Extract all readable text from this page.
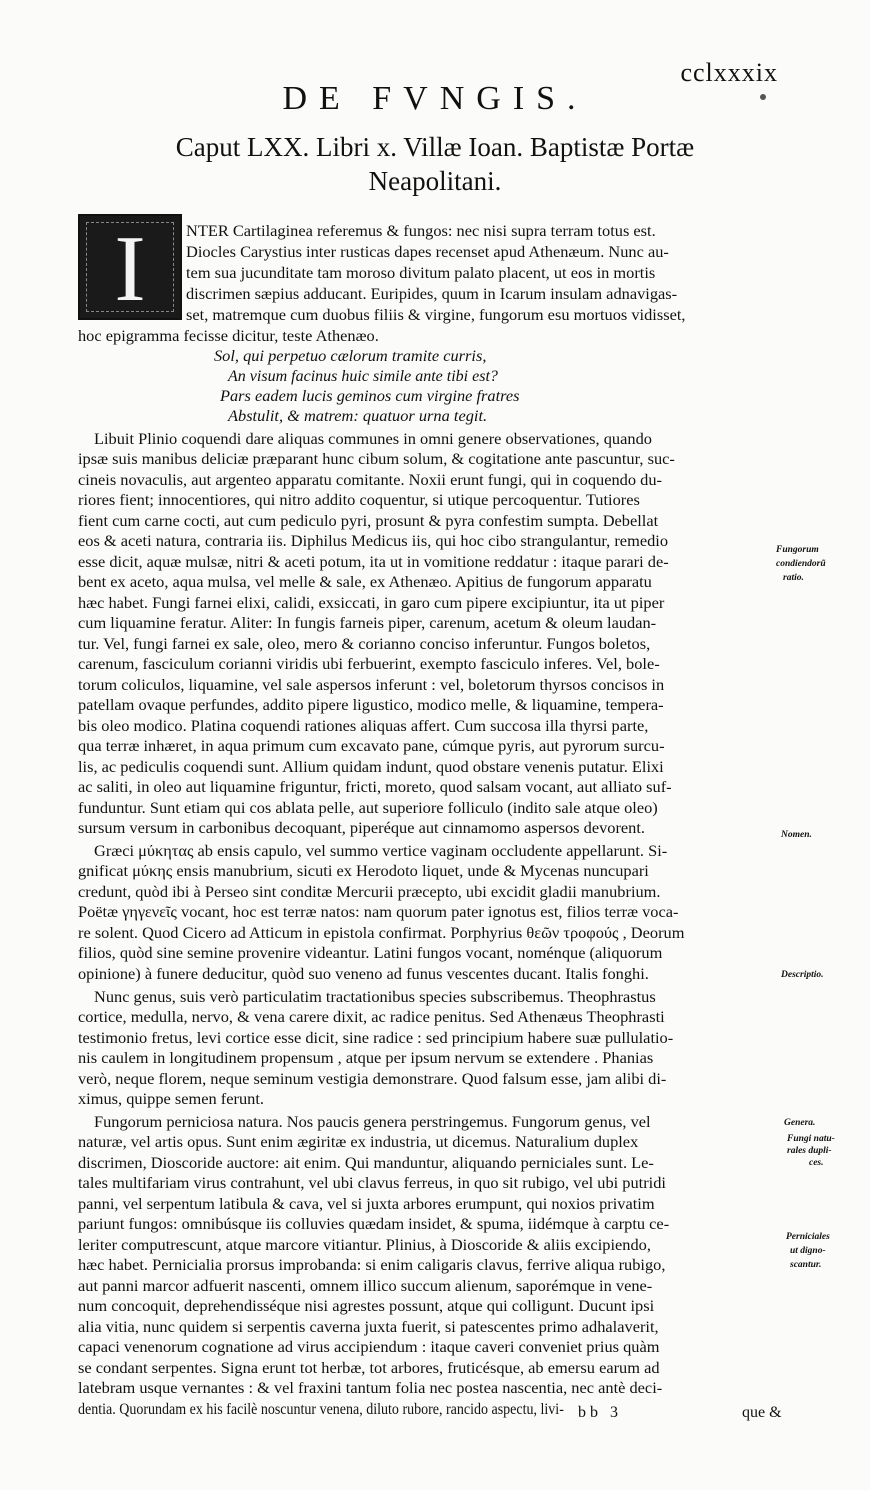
cclxxxix
DE FVNGIS.
Caput LXX. Libri x. Villæ Ioan. Baptistæ Portæ
Neapolitani.
I	NTER Cartilaginea referemus & fungos: nec nisi supra terram totus est.
Diocles Carystius inter rusticas dapes recenset apud Athenæum. Nunc au-
tem sua jucunditate tam moroso divitum palato placent, ut eos in mortis
discrimen sæpius adducant. Euripides, quum in Icarum insulam adnavigas-
set, matremque cum duobus filiis & virgine, fungorum esu mortuos vidisset,
hoc epigramma fecisse dicitur, teste Athenæo.
Sol, qui perpetuo cælorum tramite curris,
An visum facinus huic simile ante tibi est?
Pars eadem lucis geminos cum virgine fratres
Abstulit, & matrem: quatuor urna tegit.
Libuit Plinio coquendi dare aliquas communes in omni genere observationes, quando
ipsæ suis manibus deliciæ præparant hunc cibum solum, & cogitatione ante pascuntur, suc-
cineis novaculis, aut argenteo apparatu comitante. Noxii erunt fungi, qui in coquendo du-
riores fient; innocentiores, qui nitro addito coquentur, si utique percoquentur. Tutiores
fient cum carne cocti, aut cum pediculo pyri, prosunt & pyra confestim sumpta. Debellat
eos & aceti natura, contraria iis. Diphilus Medicus iis, qui hoc cibo strangulantur, remedio
esse dicit, aquæ mulsæ, nitri & aceti potum, ita ut in vomitione reddatur : itaque parari de-
bent ex aceto, aqua mulsa, vel melle & sale, ex Athenæo. Apitius de fungorum apparatu
hæc habet. Fungi farnei elixi, calidi, exsiccati, in garo cum pipere excipiuntur, ita ut piper
cum liquamine feratur. Aliter: In fungis farneis piper, carenum, acetum & oleum laudan-
tur. Vel, fungi farnei ex sale, oleo, mero & corianno conciso inferuntur. Fungos boletos,
carenum, fasciculum corianni viridis ubi ferbuerint, exempto fasciculo inferes. Vel, bole-
torum coliculos, liquamine, vel sale aspersos inferunt : vel, boletorum thyrsos concisos in
patellam ovaque perfundes, addito pipere ligustico, modico melle, & liquamine, tempera-
bis oleo modico. Platina coquendi rationes aliquas affert. Cum succosa illa thyrsi parte,
qua terræ inhæret, in aqua primum cum excavato pane, cúmque pyris, aut pyrorum surcu-
lis, ac pediculis coquendi sunt. Allium quidam indunt, quod obstare venenis putatur. Elixi
ac saliti, in oleo aut liquamine friguntur, fricti, moreto, quod salsam vocant, aut alliato suf-
funduntur. Sunt etiam qui cos ablata pelle, aut superiore folliculo (indito sale atque oleo)
sursum versum in carbonibus decoquant, piperéque aut cinnamomo aspersos devorent.
Græci μύκητας ab ensis capulo, vel summo vertice vaginam occludente appellarunt. Si-
gnificat μύκης ensis manubrium, sicuti ex Herodoto liquet, unde & Mycenas nuncupari
credunt, quòd ibi à Perseo sint conditæ Mercurii præcepto, ubi excidit gladii manubrium.
Poëtæ γηγενεῖς vocant, hoc est terræ natos: nam quorum pater ignotus est, filios terræ voca-
re solent. Quod Cicero ad Atticum in epistola confirmat. Porphyrius θεῶν τροφούς , Deorum
filios, quòd sine semine provenire videantur. Latini fungos vocant, noménque (aliquorum
opinione) à funere deducitur, quòd suo veneno ad funus vescentes ducant. Italis fonghi.
Nunc genus, suis verò particulatim tractationibus species subscribemus. Theophrastus
cortice, medulla, nervo, & vena carere dixit, ac radice penitus. Sed Athenæus Theophrasti
testimonio fretus, levi cortice esse dicit, sine radice : sed principium habere suæ pullulatio-
nis caulem in longitudinem propensum , atque per ipsum nervum se extendere . Phanias
verò, neque florem, neque seminum vestigia demonstrare. Quod falsum esse, jam alibi di-
ximus, quippe semen ferunt.
Fungorum perniciosa natura. Nos paucis genera perstringemus. Fungorum genus, vel
naturæ, vel artis opus. Sunt enim ægiritæ ex industria, ut dicemus. Naturalium duplex
discrimen, Dioscoride auctore: ait enim. Qui manduntur, aliquando perniciales sunt. Le-
tales multifariam virus contrahunt, vel ubi clavus ferreus, in quo sit rubigo, vel ubi putridi
panni, vel serpentum latibula & cava, vel si juxta arbores erumpunt, qui noxios privatim
pariunt fungos: omnibúsque iis colluvies quædam insidet, & spuma, iidémque à carptu ce-
leriter computrescunt, atque marcore vitiantur. Plinius, à Dioscoride & aliis excipiendo,
hæc habet. Pernicialia prorsus improbanda: si enim caligaris clavus, ferrive aliqua rubigo,
aut panni marcor adfuerit nascenti, omnem illico succum alienum, saporémque in vene-
num concoquit, deprehendisséque nisi agrestes possunt, atque qui colligunt. Ducunt ipsi
alia vitia, nunc quidem si serpentis caverna juxta fuerit, si patescentes primo adhalaverit,
capaci venenorum cognatione ad virus accipiendum : itaque caveri conveniet prius quàm
se condant serpentes. Signa erunt tot herbæ, tot arbores, fruticésque, ab emersu earum ad
latebram usque vernantes : & vel fraxini tantum folia nec postea nascentia, nec antè deci-
dentia. Quorundam ex his facilè noscuntur venena, diluto rubore, rancido aspectu, livi-
Fungorum
condiendorũ
ratio.
Nomen.
Descriptio.
Genera.
Fungi natu-
rales dupli-
ces.
Perniciales
ut digno-
scantur.
bb 3	que &
